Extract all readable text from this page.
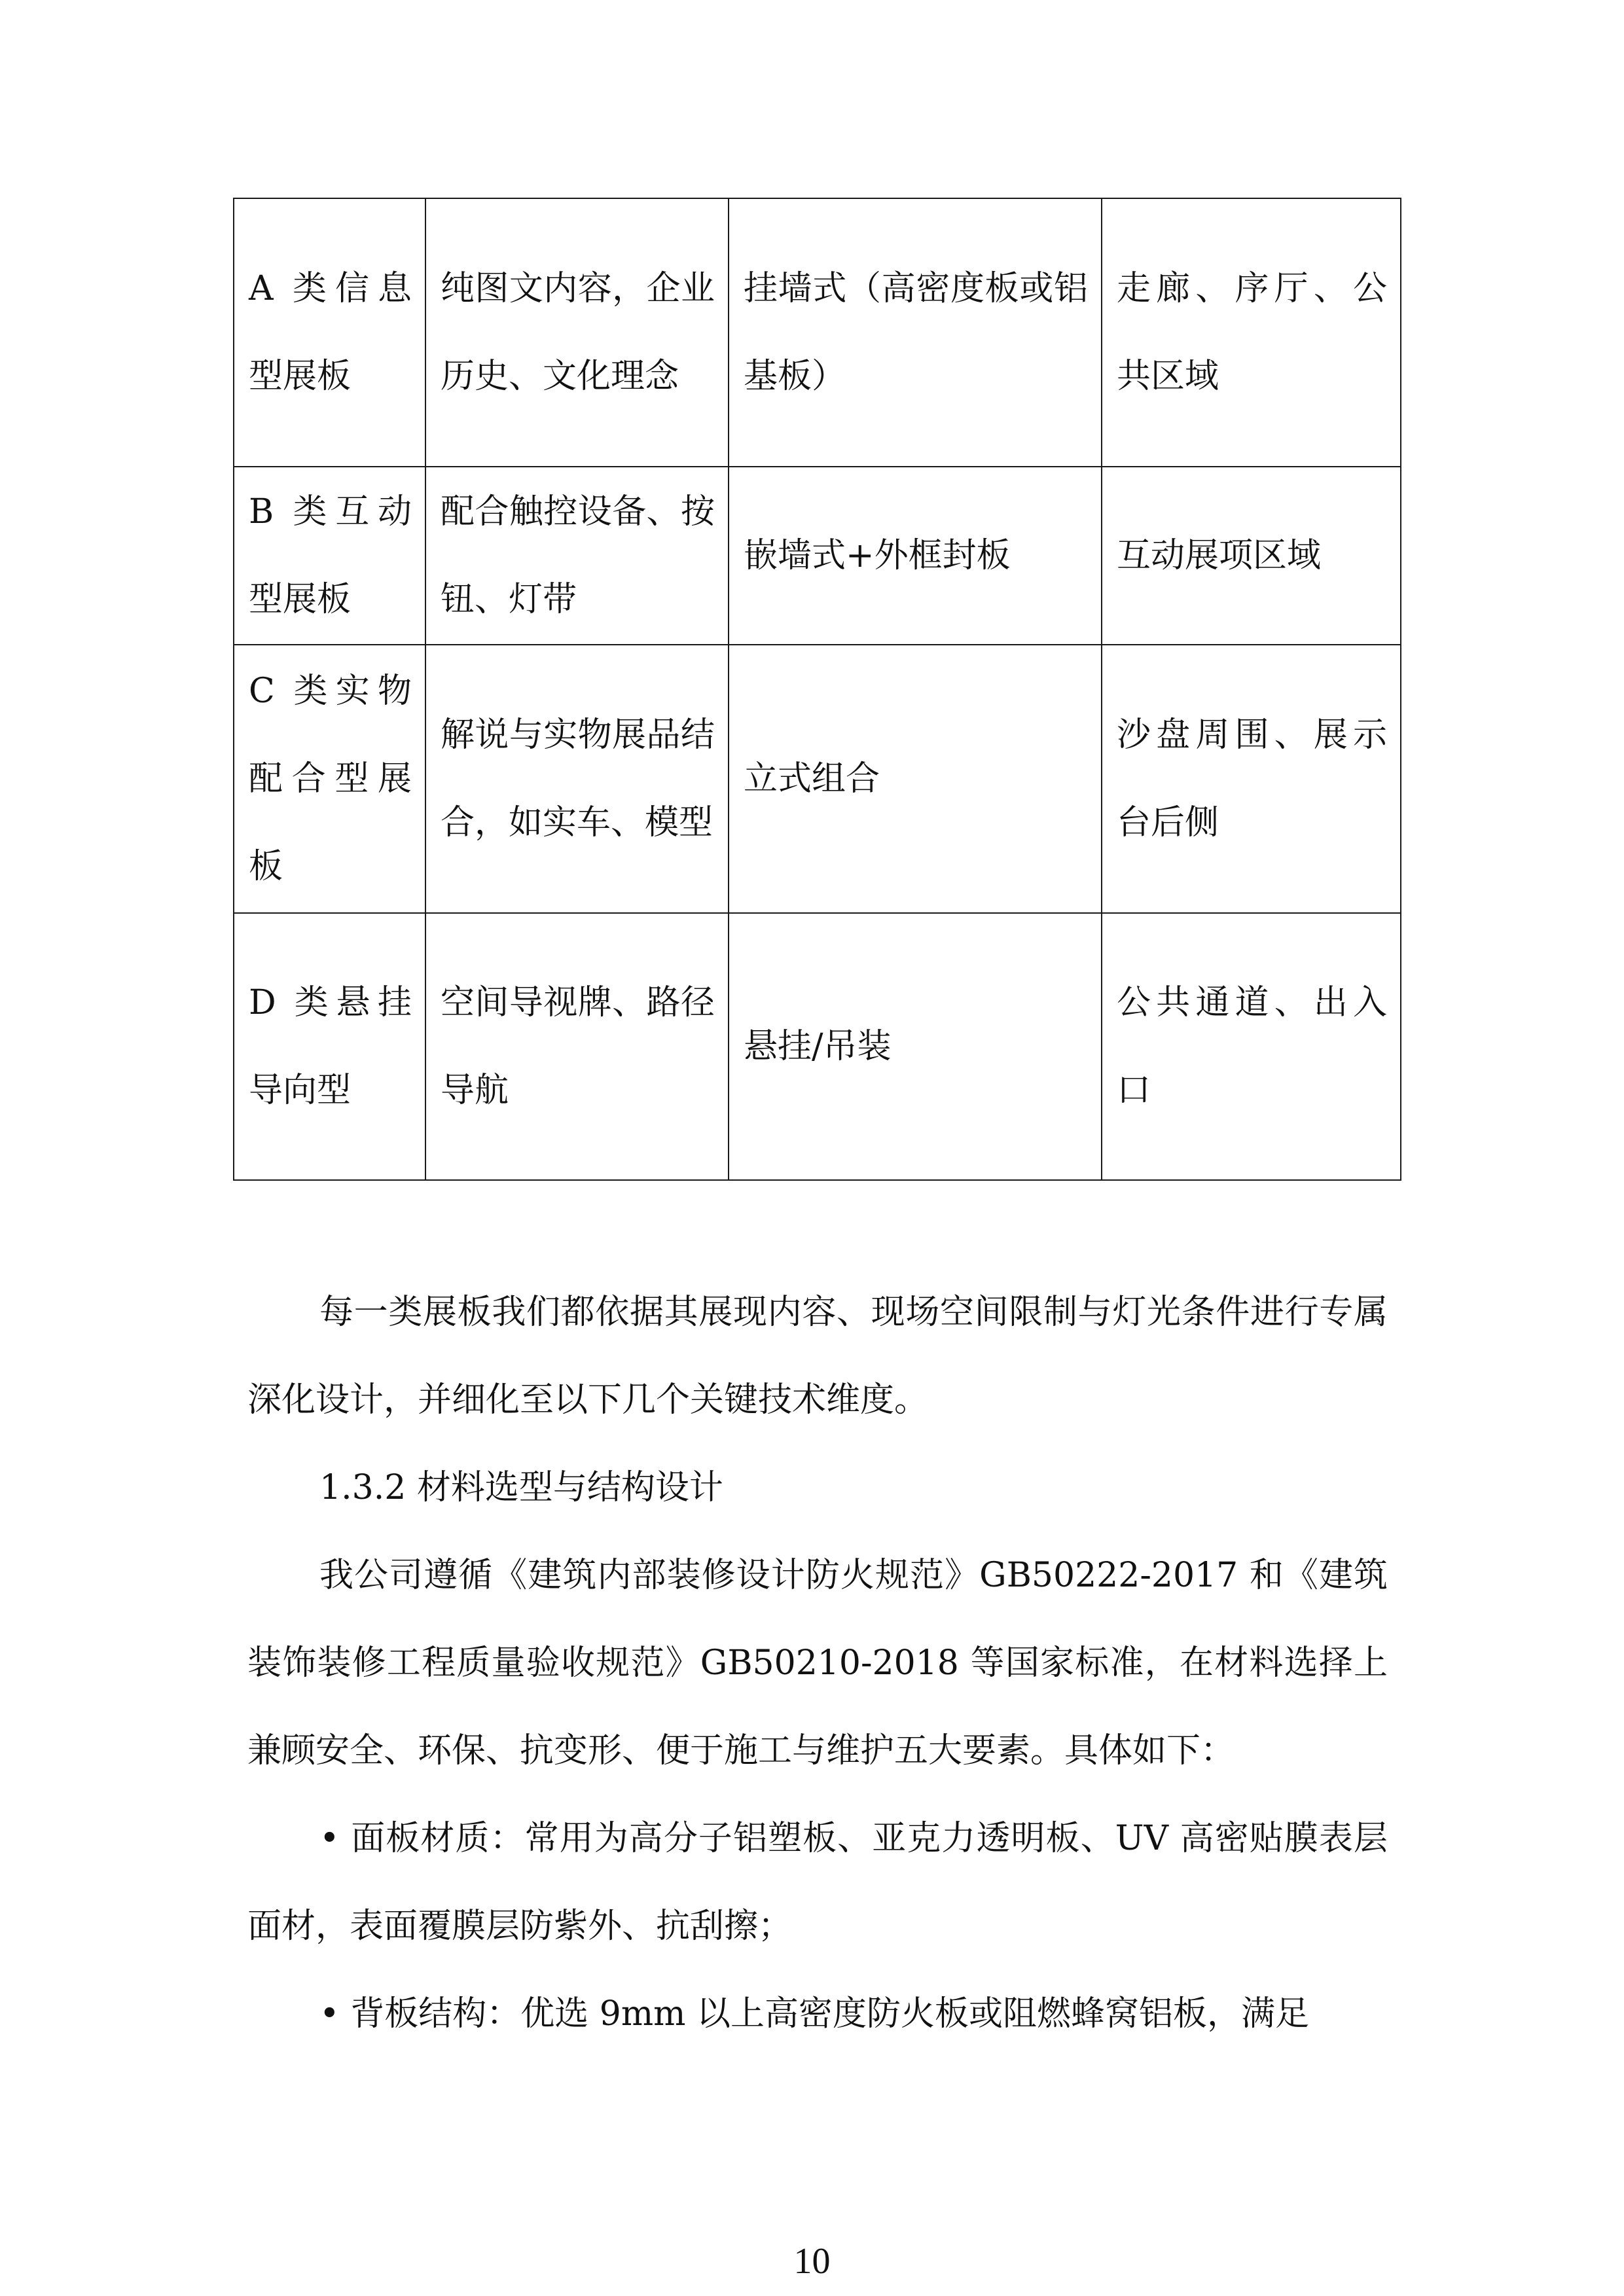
A 类信息型展板	纯图文内容，企业历史、文化理念	挂墙式（高密度板或铝基板）	走廊、序厅、公共区域
B 类互动型展板	配合触控设备、按钮、灯带	嵌墙式+外框封板	互动展项区域
C 类实物配合型展板	解说与实物展品结合，如实车、模型	立式组合	沙盘周围、展示台后侧
D 类悬挂导向型	空间导视牌、路径导航	悬挂/吊装	公共通道、出入口

每一类展板我们都依据其展现内容、现场空间限制与灯光条件进行专属深化设计，并细化至以下几个关键技术维度。

1.3.2 材料选型与结构设计

我公司遵循《建筑内部装修设计防火规范》GB50222-2017 和《建筑装饰装修工程质量验收规范》GB50210-2018 等国家标准，在材料选择上兼顾安全、环保、抗变形、便于施工与维护五大要素。具体如下：

• 面板材质：常用为高分子铝塑板、亚克力透明板、UV 高密贴膜表层面材，表面覆膜层防紫外、抗刮擦；

• 背板结构：优选 9mm 以上高密度防火板或阻燃蜂窝铝板，满足

10
